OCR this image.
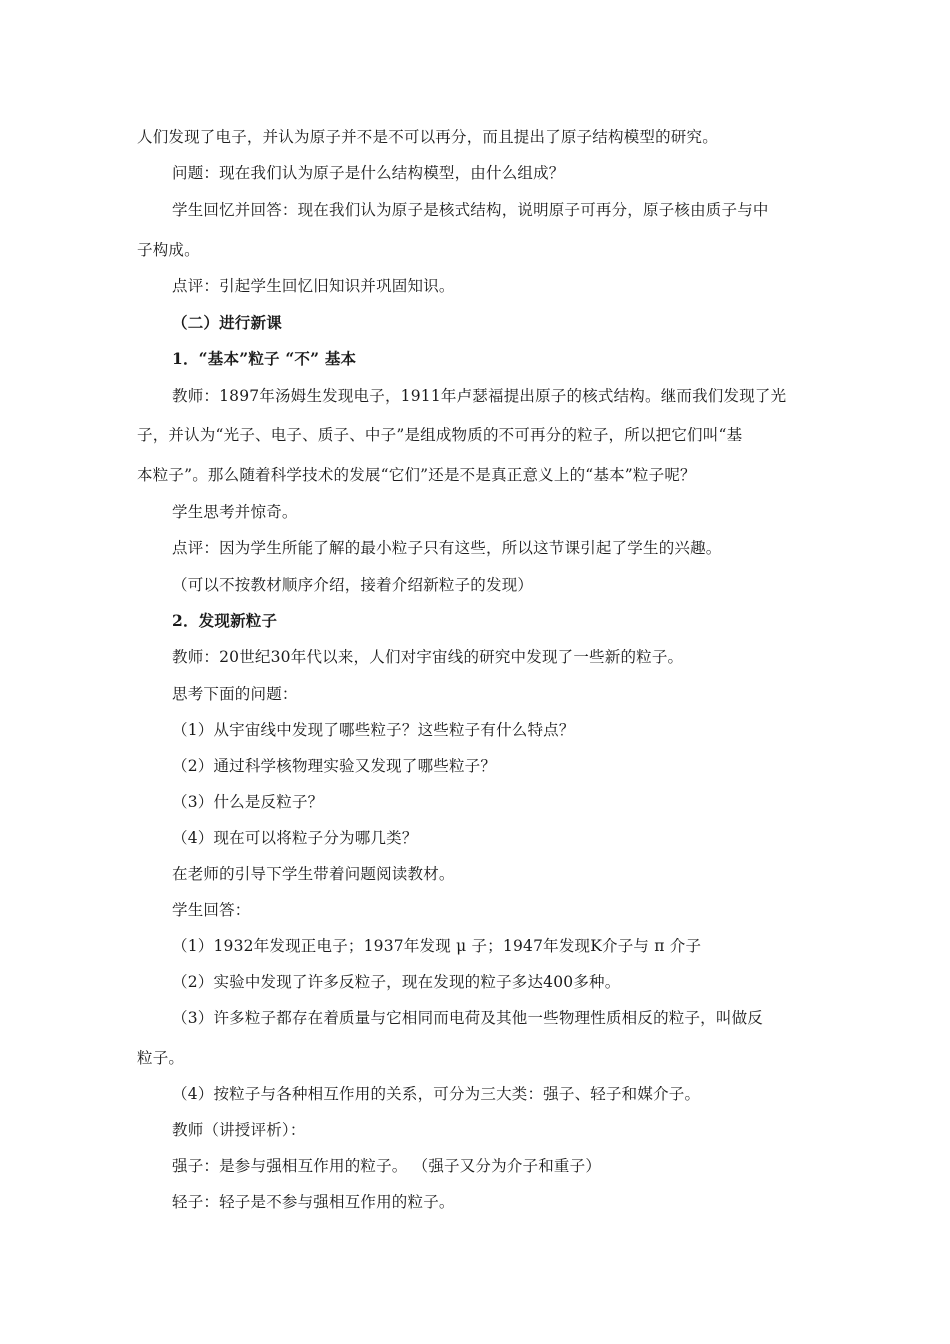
人们发现了电子，并认为原子并不是不可以再分，而且提出了原子结构模型的研究。
问题：现在我们认为原子是什么结构模型，由什么组成？
学生回忆并回答：现在我们认为原子是核式结构，说明原子可再分，原子核由质子与中
子构成。
点评：引起学生回忆旧知识并巩固知识。
（二）进行新课
1．“基本”粒子 “不” 基本
教师：1897年汤姆生发现电子，1911年卢瑟福提出原子的核式结构。继而我们发现了光
子，并认为“光子、电子、质子、中子”是组成物质的不可再分的粒子，所以把它们叫“基
本粒子”。那么随着科学技术的发展“它们”还是不是真正意义上的“基本”粒子呢？
学生思考并惊奇。
点评：因为学生所能了解的最小粒子只有这些，所以这节课引起了学生的兴趣。
（可以不按教材顺序介绍，接着介绍新粒子的发现）
2．发现新粒子
教师：20世纪30年代以来，人们对宇宙线的研究中发现了一些新的粒子。
思考下面的问题：
（1）从宇宙线中发现了哪些粒子？这些粒子有什么特点？
（2）通过科学核物理实验又发现了哪些粒子？
（3）什么是反粒子？
（4）现在可以将粒子分为哪几类？
在老师的引导下学生带着问题阅读教材。
学生回答：
（1）1932年发现正电子；1937年发现 μ 子；1947年发现K介子与 π 介子
（2）实验中发现了许多反粒子，现在发现的粒子多达400多种。
（3）许多粒子都存在着质量与它相同而电荷及其他一些物理性质相反的粒子，叫做反
粒子。
（4）按粒子与各种相互作用的关系，可分为三大类：强子、轻子和媒介子。
教师（讲授评析）：
强子：是参与强相互作用的粒子。 （强子又分为介子和重子）
轻子：轻子是不参与强相互作用的粒子。
